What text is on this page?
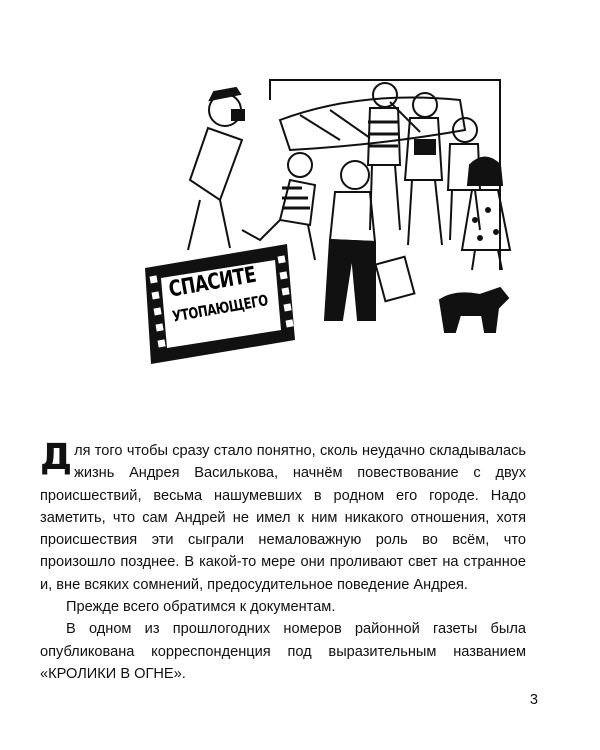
СПАСИТЕ
УТОПАЮЩЕГО

Для того чтобы сразу стало понятно, сколь неудачно складывалась жизнь Андрея Василькова, начнём повествование с двух происшествий, весьма нашумевших в родном его городе. Надо заметить, что сам Андрей не имел к ним никакого отношения, хотя происшествия эти сыграли немаловажную роль во всём, что произошло позднее. В какой-то мере они проливают свет на странное и, вне всяких сомнений, предосудительное поведение Андрея.

Прежде всего обратимся к документам.

В одном из прошлогодних номеров районной газеты была опубликована корреспонденция под выразительным названием «КРОЛИКИ В ОГНЕ».

3
